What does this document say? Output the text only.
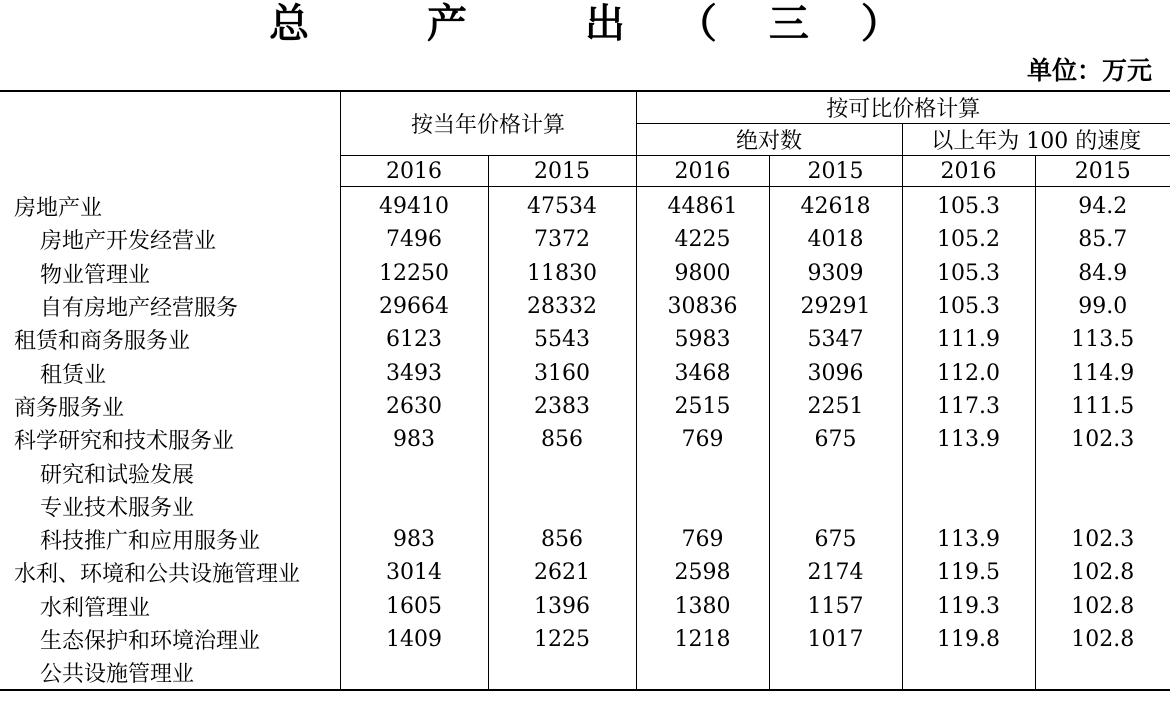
总 产 出（三）
单位：万元
	按当年价格计算		按可比价格计算			
			绝对数		以上年为 100 的速度	
	2016	2015	2016	2015	2016	2015
房地产业	49410	47534	44861	42618	105.3	94.2
房地产开发经营业	7496	7372	4225	4018	105.2	85.7
物业管理业	12250	11830	9800	9309	105.3	84.9
自有房地产经营服务	29664	28332	30836	29291	105.3	99.0
租赁和商务服务业	6123	5543	5983	5347	111.9	113.5
租赁业	3493	3160	3468	3096	112.0	114.9
商务服务业	2630	2383	2515	2251	117.3	111.5
科学研究和技术服务业	983	856	769	675	113.9	102.3
研究和试验发展						
专业技术服务业						
科技推广和应用服务业	983	856	769	675	113.9	102.3
水利、环境和公共设施管理业	3014	2621	2598	2174	119.5	102.8
水利管理业	1605	1396	1380	1157	119.3	102.8
生态保护和环境治理业	1409	1225	1218	1017	119.8	102.8
公共设施管理业						
